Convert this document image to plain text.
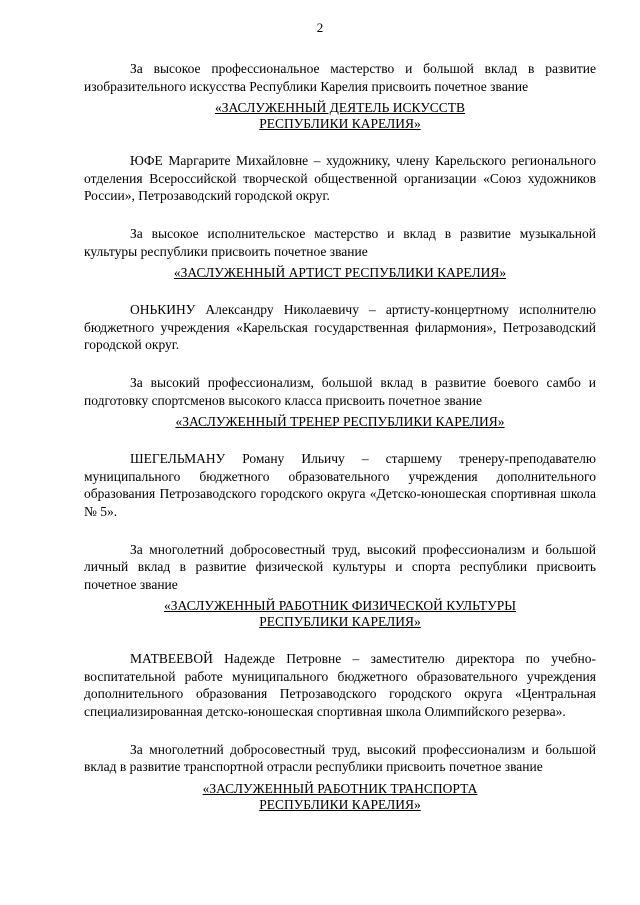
2

За высокое профессиональное мастерство и большой вклад в развитие изобразительного искусства Республики Карелия присвоить почетное звание

«ЗАСЛУЖЕННЫЙ ДЕЯТЕЛЬ ИСКУССТВ
РЕСПУБЛИКИ КАРЕЛИЯ»

ЮФЕ Маргарите Михайловне – художнику, члену Карельского регионального отделения Всероссийской творческой общественной организации «Союз художников России», Петрозаводский городской округ.

За высокое исполнительское мастерство и вклад в развитие музыкальной культуры республики присвоить почетное звание

«ЗАСЛУЖЕННЫЙ АРТИСТ РЕСПУБЛИКИ КАРЕЛИЯ»

ОНЬКИНУ Александру Николаевичу – артисту-концертному исполнителю бюджетного учреждения «Карельская государственная филармония», Петрозаводский городской округ.

За высокий профессионализм, большой вклад в развитие боевого самбо и подготовку спортсменов высокого класса присвоить почетное звание

«ЗАСЛУЖЕННЫЙ ТРЕНЕР РЕСПУБЛИКИ КАРЕЛИЯ»

ШЕГЕЛЬМАНУ Роману Ильичу – старшему тренеру-преподавателю муниципального бюджетного образовательного учреждения дополнительного образования Петрозаводского городского округа «Детско-юношеская спортивная школа № 5».

За многолетний добросовестный труд, высокий профессионализм и большой личный вклад в развитие физической культуры и спорта республики присвоить почетное звание

«ЗАСЛУЖЕННЫЙ РАБОТНИК ФИЗИЧЕСКОЙ КУЛЬТУРЫ
РЕСПУБЛИКИ КАРЕЛИЯ»

МАТВЕЕВОЙ Надежде Петровне – заместителю директора по учебно-воспитательной работе муниципального бюджетного образовательного учреждения дополнительного образования Петрозаводского городского округа «Центральная специализированная детско-юношеская спортивная школа Олимпийского резерва».

За многолетний добросовестный труд, высокий профессионализм и большой вклад в развитие транспортной отрасли республики присвоить почетное звание

«ЗАСЛУЖЕННЫЙ РАБОТНИК ТРАНСПОРТА
РЕСПУБЛИКИ КАРЕЛИЯ»
